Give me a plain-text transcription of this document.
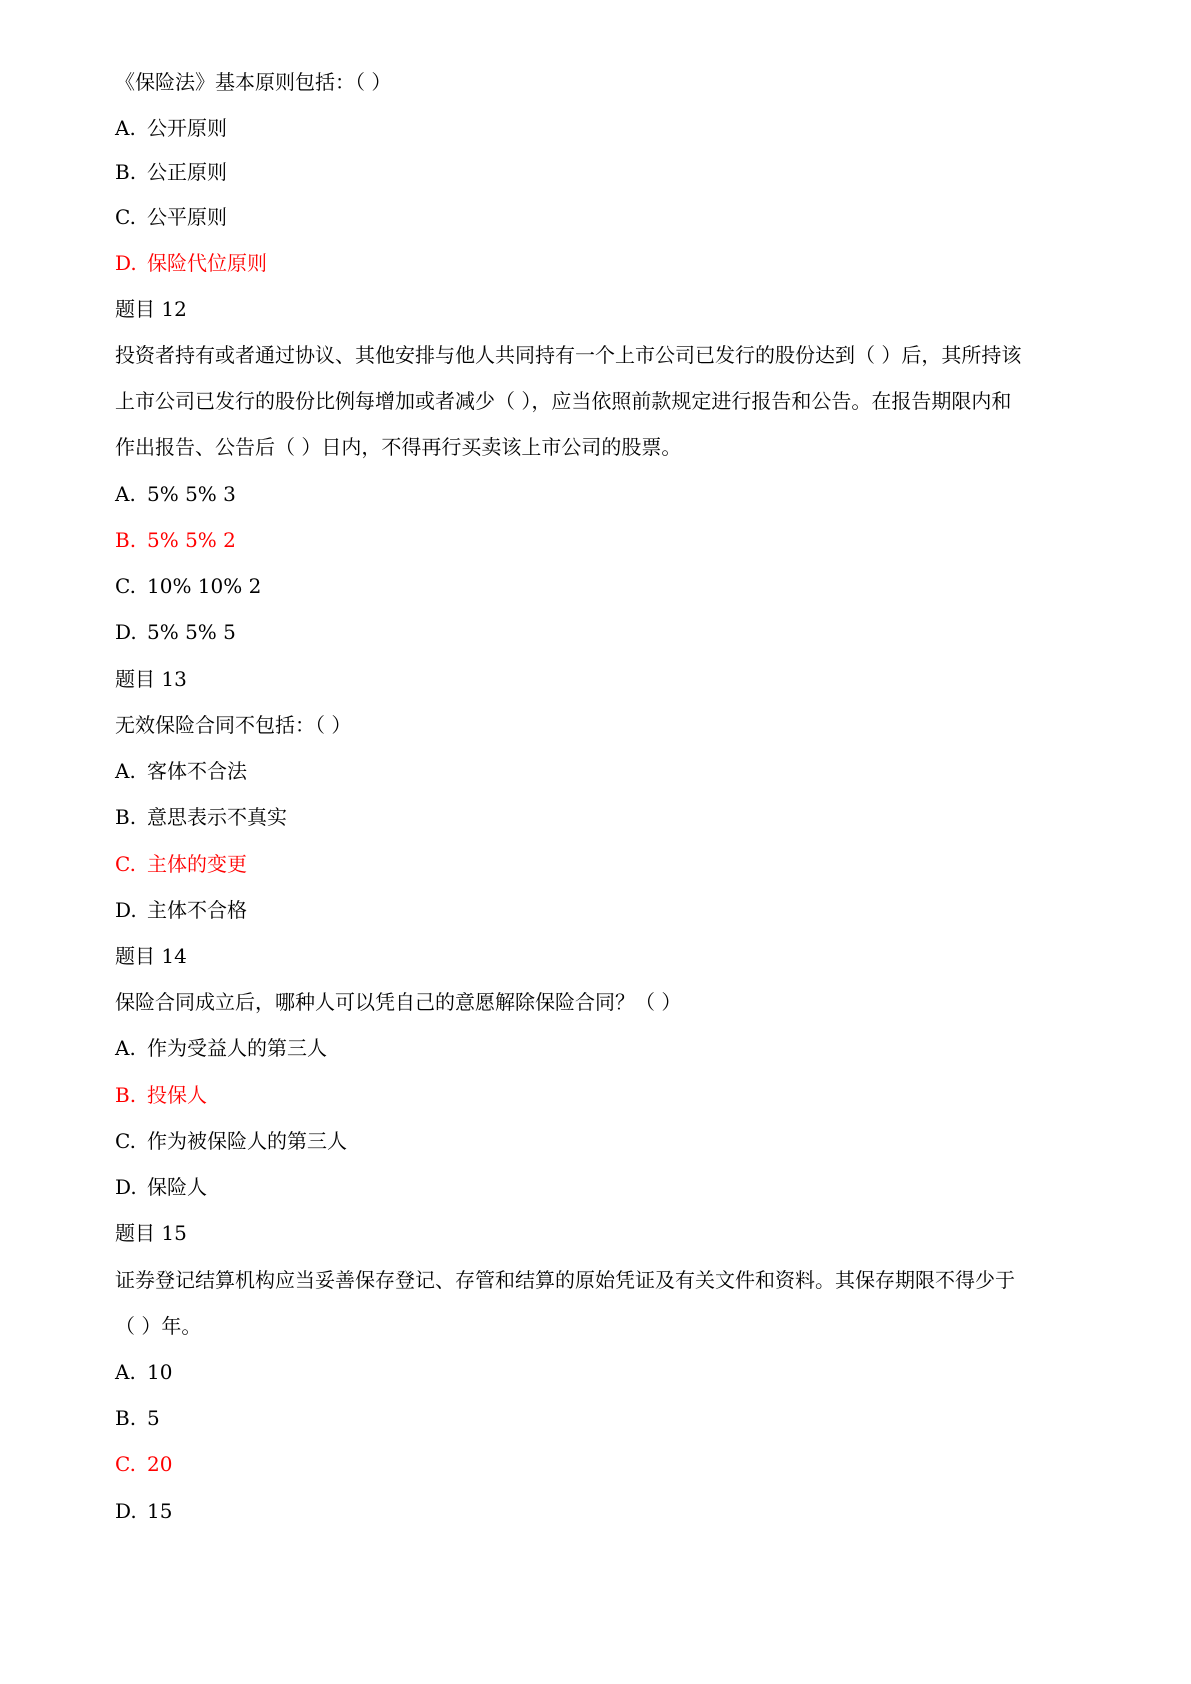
《保险法》基本原则包括：（ ）
A. 公开原则
B. 公正原则
C. 公平原则
D. 保险代位原则
题目 12
投资者持有或者通过协议、其他安排与他人共同持有一个上市公司已发行的股份达到（ ）后，其所持该
上市公司已发行的股份比例每增加或者减少（ ），应当依照前款规定进行报告和公告。在报告期限内和
作出报告、公告后（ ）日内，不得再行买卖该上市公司的股票。
A. 5% 5% 3
B. 5% 5% 2
C. 10% 10% 2
D. 5% 5% 5
题目 13
无效保险合同不包括：（ ）
A. 客体不合法
B. 意思表示不真实
C. 主体的变更
D. 主体不合格
题目 14
保险合同成立后，哪种人可以凭自己的意愿解除保险合同？（ ）
A. 作为受益人的第三人
B. 投保人
C. 作为被保险人的第三人
D. 保险人
题目 15
证券登记结算机构应当妥善保存登记、存管和结算的原始凭证及有关文件和资料。其保存期限不得少于
（ ）年。
A. 10
B. 5
C. 20
D. 15
